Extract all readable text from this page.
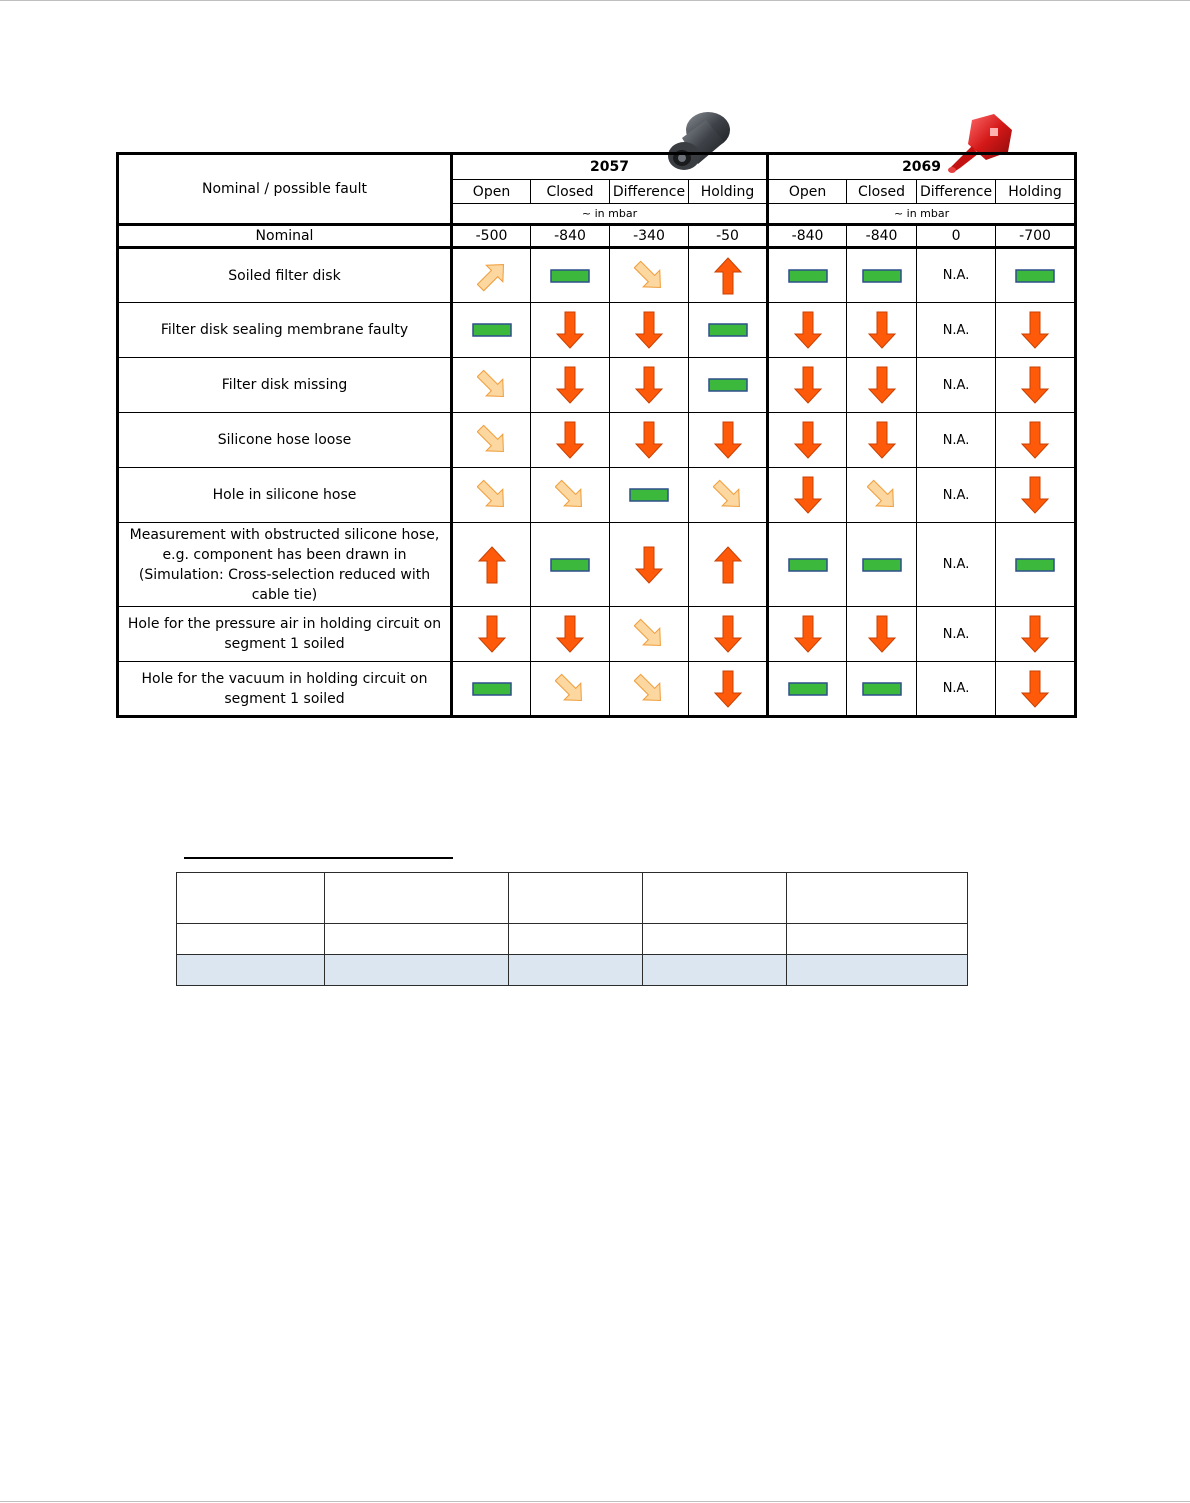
Nominal / possible fault	2057				2069			
	Open	Closed	Difference	Holding	Open	Closed	Difference	Holding
	~ in mbar				~ in mbar			
Nominal	-500	-840	-340	-50	-840	-840	0	-700
Soiled filter disk							N.A.	

Filter disk sealing membrane faulty							N.A.	

Filter disk missing							N.A.	

Silicone hose loose							N.A.	

Hole in silicone hose							N.A.	

Measurement with obstructed silicone hose, e.g. component has been drawn in (Simulation: Cross-selection reduced with cable tie)							N.A.	

Hole for the pressure air in holding circuit on segment 1 soiled							N.A.	

Hole for the vacuum in holding circuit on segment 1 soiled							N.A.	
